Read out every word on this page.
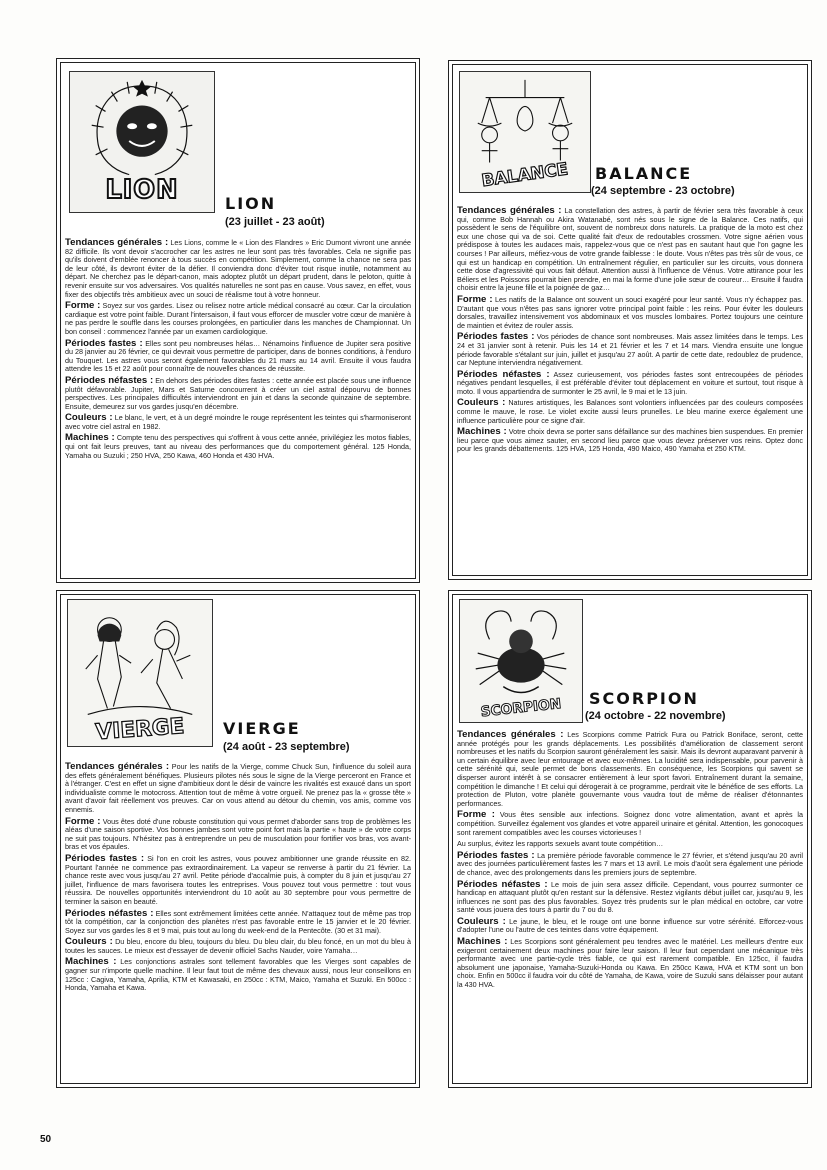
LION	LION
(23 juillet - 23 août)

Tendances générales : Les Lions, comme le « Lion des Flandres » Eric Dumont vivront une année 82 difficile. Ils vont devoir s'accrocher car les astres ne leur sont pas très favorables. Cela ne signifie pas qu'ils doivent d'emblée renoncer à tous succès en compétition. Simplement, comme la chance ne sera pas de leur côté, ils devront éviter de la défier. Il conviendra donc d'éviter tout risque inutile, notamment au départ. Ne cherchez pas le départ-canon, mais adoptez plutôt un départ prudent, dans le peloton, quitte à revenir ensuite sur vos adversaires. Vos qualités naturelles ne sont pas en cause. Vous savez, en effet, vous fixer des objectifs très ambitieux avec un souci de réalisme tout à votre honneur.

Forme : Soyez sur vos gardes. Lisez ou relisez notre article médical consacré au cœur. Car la circulation cardiaque est votre point faible. Durant l'intersaison, il faut vous efforcer de muscler votre cœur de manière à ne pas perdre le souffle dans les courses prolongées, en particulier dans les manches de Championnat. Un bon conseil : commencez l'année par un examen cardiologique.

Périodes fastes : Elles sont peu nombreuses hélas… Nénamoins l'influence de Jupiter sera positive du 28 janvier au 26 février, ce qui devrait vous permettre de participer, dans de bonnes conditions, à l'enduro du Touquet. Les astres vous seront également favorables du 21 mars au 14 avril. Ensuite il vous faudra attendre les 15 et 22 août pour connaître de nouvelles chances de réussite.

Périodes néfastes : En dehors des périodes dites fastes : cette année est placée sous une influence plutôt défavorable. Jupiter, Mars et Saturne concourrent à créer un ciel astral dépourvu de bonnes perspectives. Les principales difficultés interviendront en juin et dans la seconde quinzaine de septembre. Ensuite, demeurez sur vos gardes jusqu'en décembre.

Couleurs : Le blanc, le vert, et à un degré moindre le rouge représentent les teintes qui s'harmoniseront avec votre ciel astral en 1982.

Machines : Compte tenu des perspectives qui s'offrent à vous cette année, privilégiez les motos fiables, qui ont fait leurs preuves, tant au niveau des performances que du comportement général. 125 Honda, Yamaha ou Suzuki ; 250 HVA, 250 Kawa, 460 Honda et 430 HVA.

BALANCE BALANCE
(24 septembre - 23 octobre)

Tendances générales : La constellation des astres, à partir de février sera très favorable à ceux qui, comme Bob Hannah ou Akira Watanabé, sont nés sous le signe de la Balance. Ces natifs, qui possèdent le sens de l'équilibre ont, souvent de nombreux dons naturels. La pratique de la moto est chez eux une chose qui va de soi. Cette qualité fait d'eux de redoutables crossmen. Votre signe aérien vous prédispose à toutes les audaces mais, rappelez-vous que ce n'est pas en sautant haut que l'on gagne les courses ! Par ailleurs, méfiez-vous de votre grande faiblesse : le doute. Vous n'êtes pas très sûr de vous, ce qui est un handicap en compétition. Un entraînement régulier, en particulier sur les circuits, vous donnera cette dose d'agressivité qui vous fait défaut. Attention aussi à l'influence de Vénus. Votre attirance pour les Béliers et les Poissons pourrait bien prendre, en mai la forme d'une jolie sœur de coureur… Ensuite il faudra choisir entre la jeune fille et la poignée de gaz…

Forme : Les natifs de la Balance ont souvent un souci exagéré pour leur santé. Vous n'y échappez pas. D'autant que vous n'êtes pas sans ignorer votre principal point faible : les reins. Pour éviter les douleurs dorsales, travaillez intensivement vos abdominaux et vos muscles lombaires. Portez toujours une ceinture de maintien et évitez de rouler assis.

Périodes fastes : Vos périodes de chance sont nombreuses. Mais assez limitées dans le temps. Les 24 et 31 janvier sont à retenir. Puis les 14 et 21 février et les 7 et 14 mars. Viendra ensuite une longue période favorable s'étalant sur juin, juillet et jusqu'au 27 août. A partir de cette date, redoublez de prudence, car Neptune interviendra négativement.

Périodes néfastes : Assez curieusement, vos périodes fastes sont entrecoupées de périodes négatives pendant lesquelles, il est préférable d'éviter tout déplacement en voiture et surtout, tout risque à moto. Il vous appartiendra de surmonter le 25 avril, le 9 mai et le 13 juin.

Couleurs : Natures artistiques, les Balances sont volontiers influencées par des couleurs composées comme le mauve, le rose. Le violet excite aussi leurs prunelles. Le bleu marine exerce également une influence particulière pour ce signe d'air.

Machines : Votre choix devra se porter sans défaillance sur des machines bien suspendues. En premier lieu parce que vous aimez sauter, en second lieu parce que vous devez préserver vos reins. Optez donc pour les grands débattements. 125 HVA, 125 Honda, 490 Maico, 490 Yamaha et 250 KTM.

VIERGE VIERGE
(24 août - 23 septembre)

Tendances générales : Pour les natifs de la Vierge, comme Chuck Sun, l'influence du soleil aura des effets généralement bénéfiques. Plusieurs pilotes nés sous le signe de la Vierge perceront en France et à l'étranger. C'est en effet un signe d'ambitieux dont le désir de vaincre les rivalités est exaucé dans un sport individualiste comme le motocross. Attention tout de même à votre orgueil. Ne prenez pas la « grosse tête » avant d'avoir fait réellement vos preuves. Car on vous attend au détour du chemin, vos amis, comme vos ennemis.

Forme : Vous êtes doté d'une robuste constitution qui vous permet d'aborder sans trop de problèmes les aléas d'une saison sportive. Vos bonnes jambes sont votre point fort mais la partie « haute » de votre corps ne suit pas toujours. N'hésitez pas à entreprendre un peu de musculation pour fortifier vos bras, vos avant-bras et vos épaules.

Périodes fastes : Si l'on en croit les astres, vous pouvez ambitionner une grande réussite en 82. Pourtant l'année ne commence pas extraordinairement. La vapeur se renverse à partir du 21 février. La chance reste avec vous jusqu'au 27 avril. Petite période d'accalmie puis, à compter du 8 juin et jusqu'au 27 juillet, l'influence de mars favorisera toutes les entreprises. Vous pouvez tout vous permettre : tout vous réussira. De nouvelles opportunités interviendront du 10 août au 30 septembre pour vous permettre de terminer la saison en beauté.

Périodes néfastes : Elles sont extrêmement limitées cette année. N'attaquez tout de même pas trop tôt la compétition, car la conjonction des planètes n'est pas favorable entre le 15 janvier et le 20 février. Soyez sur vos gardes les 8 et 9 mai, puis tout au long du week-end de la Pentecôte. (30 et 31 mai).

Couleurs : Du bleu, encore du bleu, toujours du bleu. Du bleu clair, du bleu foncé, en un mot du bleu à toutes les sauces. Le mieux est d'essayer de devenir officiel Sachs Nauder, voire Yamaha…

Machines : Les conjonctions astrales sont tellement favorables que les Vierges sont capables de gagner sur n'importe quelle machine. Il leur faut tout de même des chevaux aussi, nous leur conseillons en 125cc : Cagiva, Yamaha, Aprilia, KTM et Kawasaki, en 250cc : KTM, Maico, Yamaha et Suzuki. En 500cc : Honda, Yamaha et Kawa.

SCORPION SCORPION
(24 octobre - 22 novembre)

Tendances générales : Les Scorpions comme Patrick Fura ou Patrick Boniface, seront, cette année protégés pour les grands déplacements. Les possibilités d'amélioration de classement seront nombreuses et les natifs du Scorpion sauront généralement les saisir. Mais ils devront auparavant parvenir à un certain équilibre avec leur entourage et avec eux-mêmes. La lucidité sera indispensable, pour parvenir à cette sérénité qui, seule permet de bons classements. En conséquence, les Scorpions qui savent se disperser auront intérêt à se consacrer entièrement à leur sport favori. Entraînement durant la semaine, compétition le dimanche ! Et celui qui dérogerait à ce programme, perdrait vite le bénéfice de ses efforts. La protection de Pluton, votre planète gouvernante vous vaudra tout de même de réaliser d'étonnantes performances.

Forme : Vous êtes sensible aux infections. Soignez donc votre alimentation, avant et après la compétition. Surveillez également vos glandes et votre appareil urinaire et génital. Attention, les gonocoques sont rarement compatibles avec les courses victorieuses !

Au surplus, évitez les rapports sexuels avant toute compétition…

Périodes fastes : La première période favorable commence le 27 février, et s'étend jusqu'au 20 avril avec des journées particulièrement fastes les 7 mars et 13 avril. Le mois d'août sera également une période de chance, avec des prolongements dans les premiers jours de septembre.

Périodes néfastes : Le mois de juin sera assez difficile. Cependant, vous pourrez surmonter ce handicap en attaquant plutôt qu'en restant sur la défensive. Restez vigilants début juillet car, jusqu'au 9, les influences ne sont pas des plus favorables. Soyez très prudents sur le plan médical en octobre, car votre santé vous jouera des tours à partir du 7 ou du 8.

Couleurs : Le jaune, le bleu, et le rouge ont une bonne influence sur votre sérénité. Efforcez-vous d'adopter l'une ou l'autre de ces teintes dans votre équipement.

Machines : Les Scorpions sont généralement peu tendres avec le matériel. Les meilleurs d'entre eux exigeront certainement deux machines pour faire leur saison. Il leur faut cependant une mécanique très performante avec une partie-cycle très fiable, ce qui est rarement compatible. En 125cc, il faudra absolument une japonaise, Yamaha-Suzuki-Honda ou Kawa. En 250cc Kawa, HVA et KTM sont un bon choix. Enfin en 500cc il faudra voir du côté de Yamaha, de Kawa, voire de Suzuki sans délaisser pour autant la 430 HVA.

50
